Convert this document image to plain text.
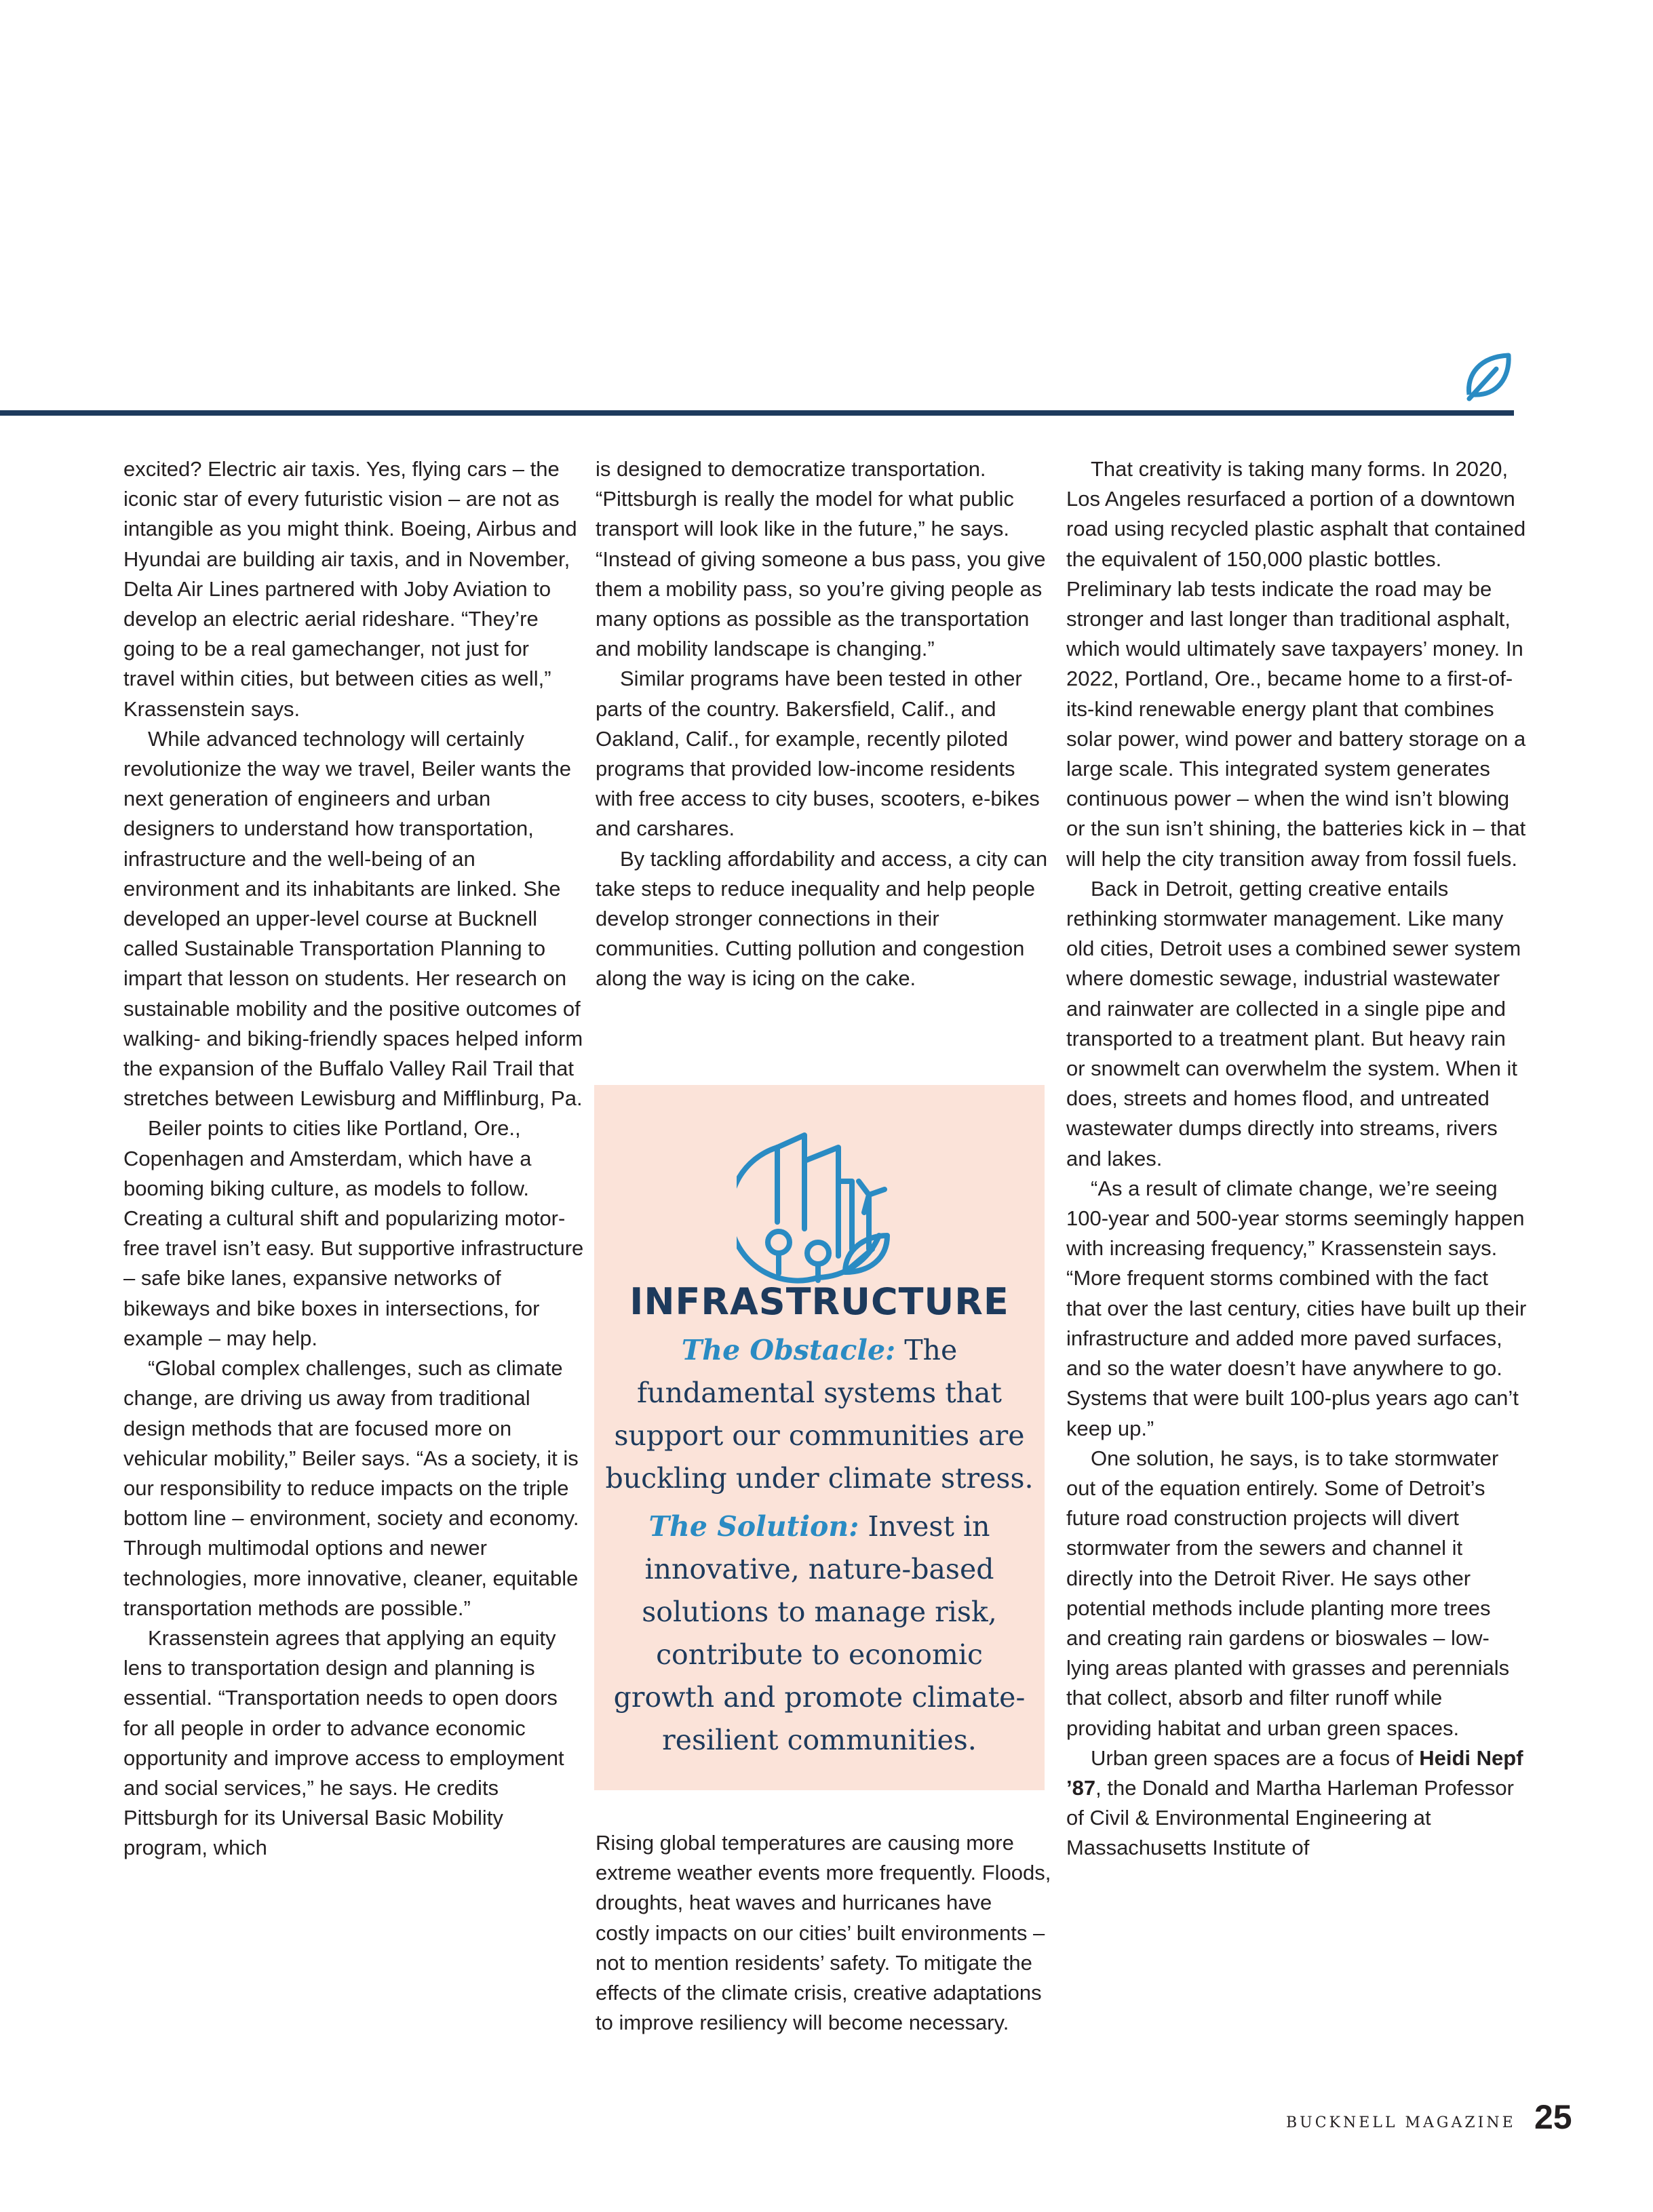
excited? Electric air taxis. Yes, flying cars – the iconic star of every futuristic vision – are not as intangible as you might think. Boeing, Airbus and Hyundai are building air taxis, and in November, Delta Air Lines partnered with Joby Aviation to develop an electric aerial rideshare. “They’re going to be a real gamechanger, not just for travel within cities, but between cities as well,” Krassenstein says.

While advanced technology will certainly revolutionize the way we travel, Beiler wants the next generation of engineers and urban designers to understand how transportation, infrastructure and the well-being of an environment and its inhabitants are linked. She developed an upper-level course at Bucknell called Sustainable Transportation Planning to impart that lesson on students. Her research on sustainable mobility and the positive outcomes of walking- and biking-friendly spaces helped inform the expansion of the Buffalo Valley Rail Trail that stretches between Lewisburg and Mifflinburg, Pa.

Beiler points to cities like Portland, Ore., Copenhagen and Amsterdam, which have a booming biking culture, as models to follow. Creating a cultural shift and popularizing motor-free travel isn’t easy. But supportive infrastructure – safe bike lanes, expansive networks of bikeways and bike boxes in intersections, for example – may help.

“Global complex challenges, such as climate change, are driving us away from traditional design methods that are focused more on vehicular mobility,” Beiler says. “As a society, it is our responsibility to reduce impacts on the triple bottom line – environment, society and economy. Through multimodal options and newer technologies, more innovative, cleaner, equitable transportation methods are possible.”

Krassenstein agrees that applying an equity lens to transportation design and planning is essential. “Transportation needs to open doors for all people in order to advance economic opportunity and improve access to employment and social services,” he says. He credits Pittsburgh for its Universal Basic Mobility program, which

is designed to democratize transportation. “Pittsburgh is really the model for what public transport will look like in the future,” he says. “Instead of giving someone a bus pass, you give them a mobility pass, so you’re giving people as many options as possible as the transportation and mobility landscape is changing.”

Similar programs have been tested in other parts of the country. Bakersfield, Calif., and Oakland, Calif., for example, recently piloted programs that provided low-income residents with free access to city buses, scooters, e-bikes and carshares.

By tackling affordability and access, a city can take steps to reduce inequality and help people develop stronger connections in their communities. Cutting pollution and congestion along the way is icing on the cake.

INFRASTRUCTURE
The Obstacle: The fundamental systems that support our communities are buckling under climate stress.
The Solution: Invest in innovative, nature-based solutions to manage risk, contribute to economic growth and promote climate-resilient communities.

Rising global temperatures are causing more extreme weather events more frequently. Floods, droughts, heat waves and hurricanes have costly impacts on our cities’ built environments – not to mention residents’ safety. To mitigate the effects of the climate crisis, creative adaptations to improve resiliency will become necessary.

That creativity is taking many forms. In 2020, Los Angeles resurfaced a portion of a downtown road using recycled plastic asphalt that contained the equivalent of 150,000 plastic bottles. Preliminary lab tests indicate the road may be stronger and last longer than traditional asphalt, which would ultimately save taxpayers’ money. In 2022, Portland, Ore., became home to a first-of-its-kind renewable energy plant that combines solar power, wind power and battery storage on a large scale. This integrated system generates continuous power – when the wind isn’t blowing or the sun isn’t shining, the batteries kick in – that will help the city transition away from fossil fuels.

Back in Detroit, getting creative entails rethinking stormwater management. Like many old cities, Detroit uses a combined sewer system where domestic sewage, industrial wastewater and rainwater are collected in a single pipe and transported to a treatment plant. But heavy rain or snowmelt can overwhelm the system. When it does, streets and homes flood, and untreated wastewater dumps directly into streams, rivers and lakes.

“As a result of climate change, we’re seeing 100-year and 500-year storms seemingly happen with increasing frequency,” Krassenstein says. “More frequent storms combined with the fact that over the last century, cities have built up their infrastructure and added more paved surfaces, and so the water doesn’t have anywhere to go. Systems that were built 100-plus years ago can’t keep up.”

One solution, he says, is to take stormwater out of the equation entirely. Some of Detroit’s future road construction projects will divert stormwater from the sewers and channel it directly into the Detroit River. He says other potential methods include planting more trees and creating rain gardens or bioswales – low-lying areas planted with grasses and perennials that collect, absorb and filter runoff while providing habitat and urban green spaces.

Urban green spaces are a focus of Heidi Nepf ’87, the Donald and Martha Harleman Professor of Civil & Environmental Engineering at Massachusetts Institute of

BUCKNELL MAGAZINE 25
